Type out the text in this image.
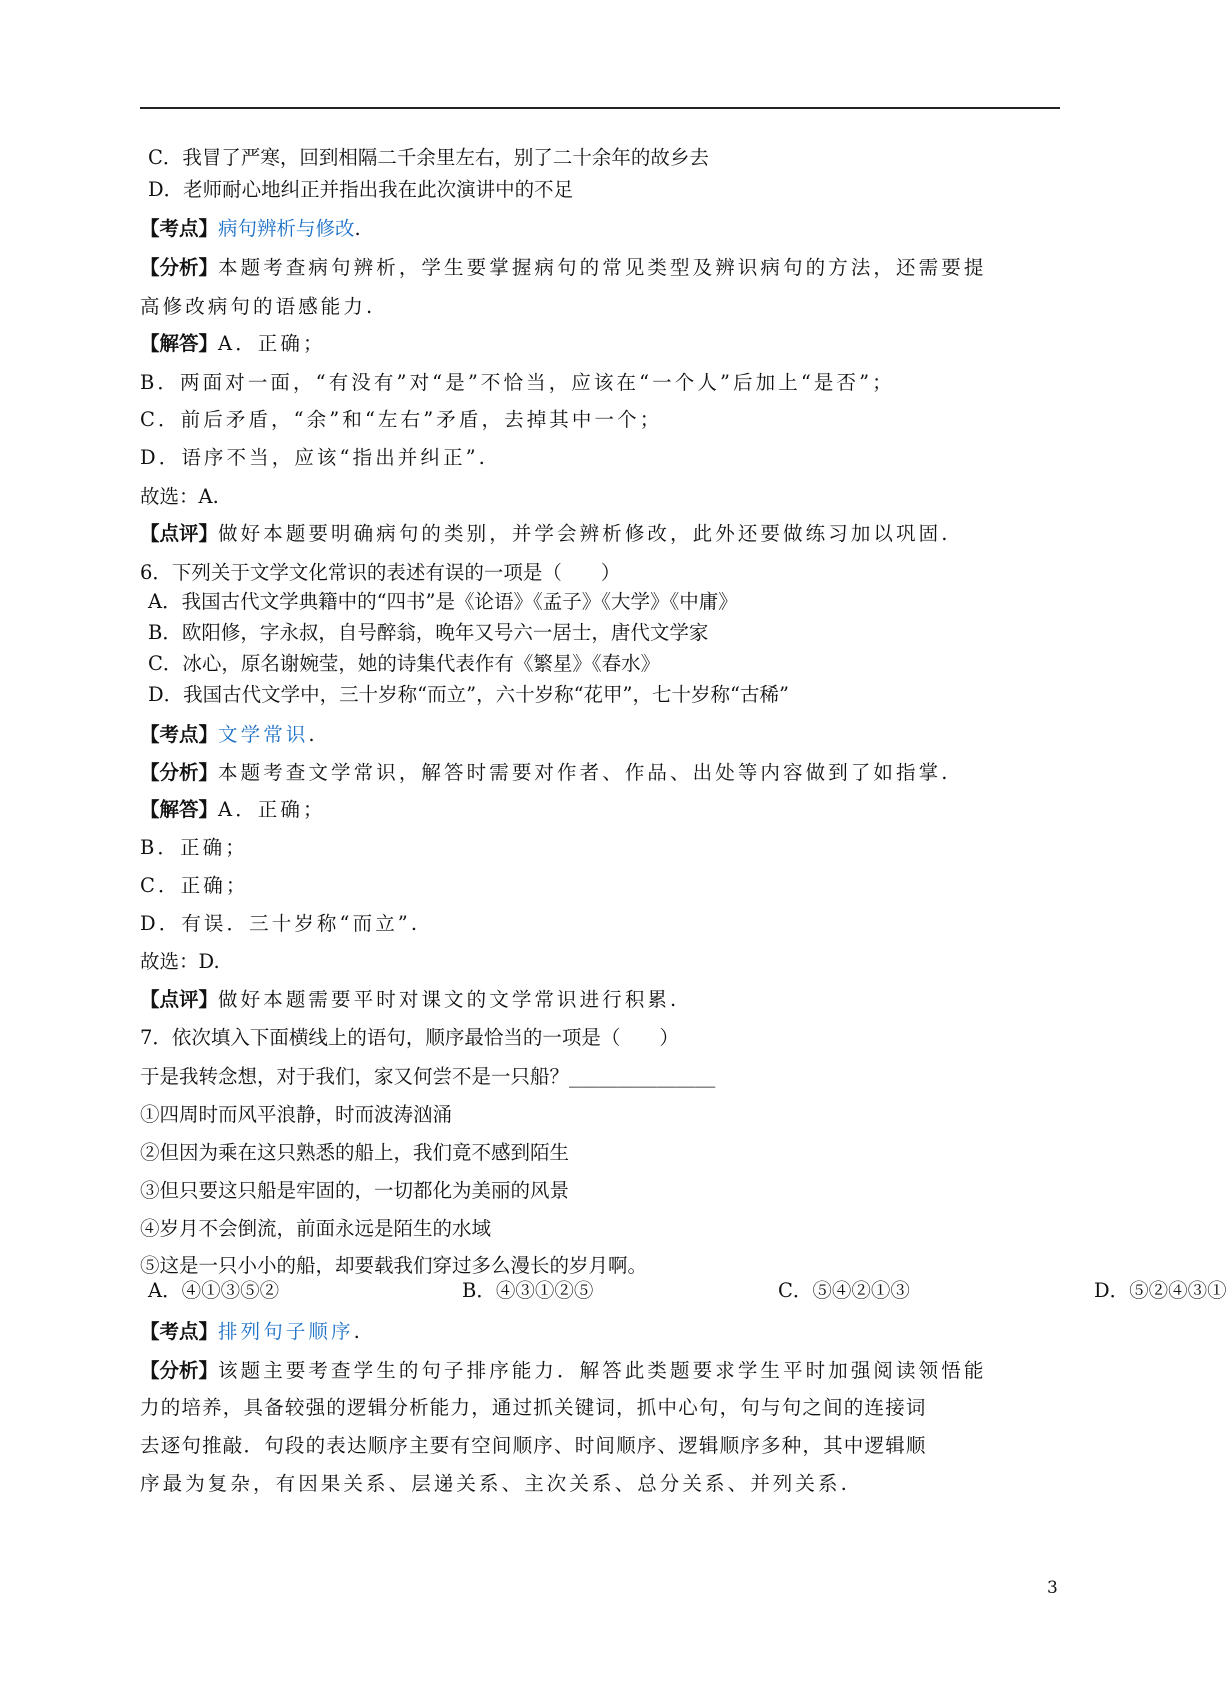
C．我冒了严寒，回到相隔二千余里左右，别了二十余年的故乡去
D．老师耐心地纠正并指出我在此次演讲中的不足
【考点】病句辨析与修改.
【分析】本题考查病句辨析，学生要掌握病句的常见类型及辨识病句的方法，还需要提
高修改病句的语感能力.
【解答】A．正确；
B．两面对一面，“有没有”对“是”不恰当，应该在“一个人”后加上“是否”；
C．前后矛盾，“余”和“左右”矛盾，去掉其中一个；
D．语序不当，应该“指出并纠正”.
故选：A.
【点评】做好本题要明确病句的类别，并学会辨析修改，此外还要做练习加以巩固.
6．下列关于文学文化常识的表述有误的一项是（　　）
A．我国古代文学典籍中的“四书”是《论语》《孟子》《大学》《中庸》
B．欧阳修，字永叔，自号醉翁，晚年又号六一居士，唐代文学家
C．冰心，原名谢婉莹，她的诗集代表作有《繁星》《春水》
D．我国古代文学中，三十岁称“而立”，六十岁称“花甲”，七十岁称“古稀”
【考点】文学常识.
【分析】本题考查文学常识，解答时需要对作者、作品、出处等内容做到了如指掌.
【解答】A．正确；
B．正确；
C．正确；
D．有误．三十岁称“而立”.
故选：D.
【点评】做好本题需要平时对课文的文学常识进行积累.
7．依次填入下面横线上的语句，顺序最恰当的一项是（　　）
于是我转念想，对于我们，家又何尝不是一只船？_______________
①四周时而风平浪静，时而波涛汹涌
②但因为乘在这只熟悉的船上，我们竟不感到陌生
③但只要这只船是牢固的，一切都化为美丽的风景
④岁月不会倒流，前面永远是陌生的水域
⑤这是一只小小的船，却要载我们穿过多么漫长的岁月啊。
A．④①③⑤②	B．④③①②⑤	C．⑤④②①③	D．⑤②④③①
【考点】排列句子顺序.
【分析】该题主要考查学生的句子排序能力．解答此类题要求学生平时加强阅读领悟能
力的培养，具备较强的逻辑分析能力，通过抓关键词，抓中心句，句与句之间的连接词
去逐句推敲．句段的表达顺序主要有空间顺序、时间顺序、逻辑顺序多种，其中逻辑顺
序最为复杂，有因果关系、层递关系、主次关系、总分关系、并列关系.
3
